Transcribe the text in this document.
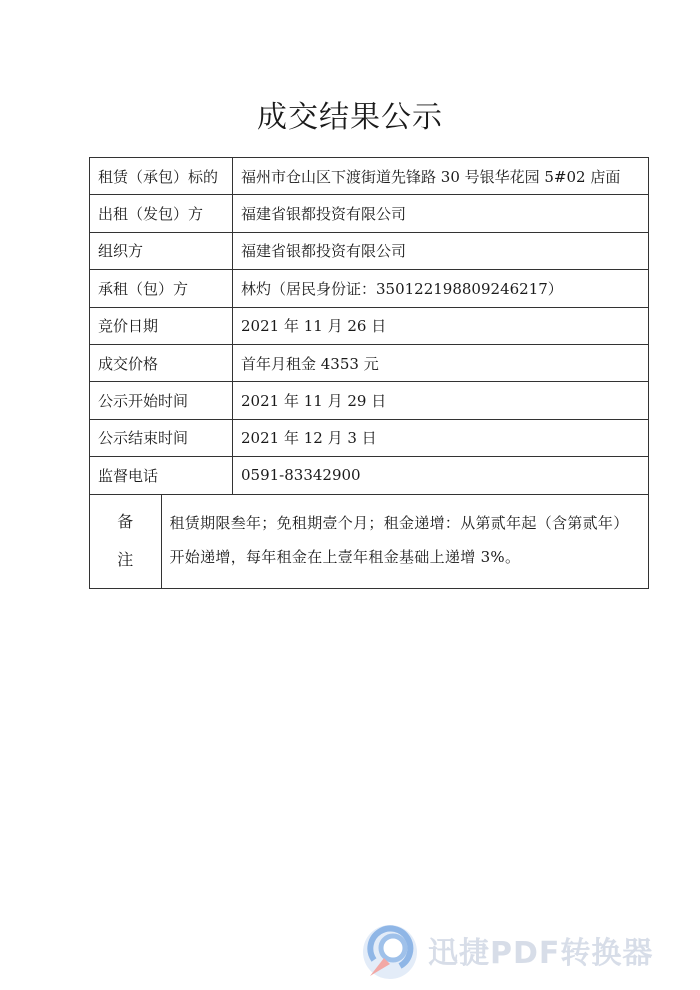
成交结果公示
租赁（承包）标的		福州市仓山区下渡街道先锋路 30 号银华花园 5#02 店面
出租（发包）方		福建省银都投资有限公司
组织方		福建省银都投资有限公司
承租（包）方		林灼（居民身份证：350122198809246217）
竞价日期		2021 年 11 月 26 日
成交价格		首年月租金 4353 元
公示开始时间		2021 年 11 月 29 日
公示结束时间		2021 年 12 月 3 日
监督电话		0591-83342900

备
注	租赁期限叁年；免租期壹个月；租金递增：从第贰年起（含第贰年）开始递增，每年租金在上壹年租金基础上递增 3%。	
迅捷PDF转换器
